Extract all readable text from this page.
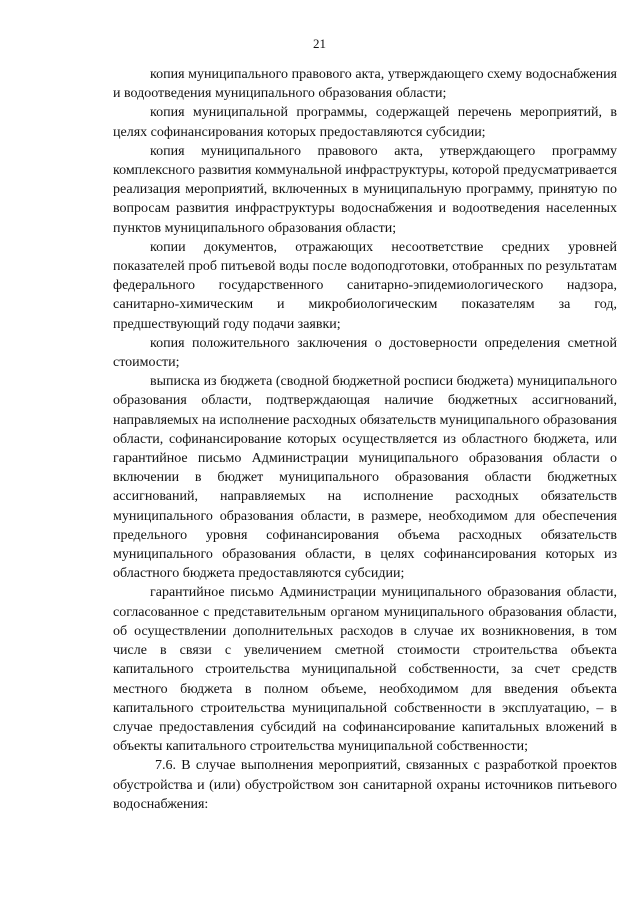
21

копия муниципального правового акта, утверждающего схему водоснабжения и водоотведения муниципального образования области;

копия муниципальной программы, содержащей перечень мероприятий, в целях софинансирования которых предоставляются субсидии;

копия муниципального правового акта, утверждающего программу комплексного развития коммунальной инфраструктуры, которой предусматривается реализация мероприятий, включенных в муниципальную программу, принятую по вопросам развития инфраструктуры водоснабжения и водоотведения населенных пунктов муниципального образования области;

копии документов, отражающих несоответствие средних уровней показателей проб питьевой воды после водоподготовки, отобранных по результатам федерального государственного санитарно-эпидемиологического надзора, санитарно-химическим и микробиологическим показателям за год, предшествующий году подачи заявки;

копия положительного заключения о достоверности определения сметной стоимости;

выписка из бюджета (сводной бюджетной росписи бюджета) муниципального образования области, подтверждающая наличие бюджетных ассигнований, направляемых на исполнение расходных обязательств муниципального образования области, софинансирование которых осуществляется из областного бюджета, или гарантийное письмо Администрации муниципального образования области о включении в бюджет муниципального образования области бюджетных ассигнований, направляемых на исполнение расходных обязательств муниципального образования области, в размере, необходимом для обеспечения предельного уровня софинансирования объема расходных обязательств муниципального образования области, в целях софинансирования которых из областного бюджета предоставляются субсидии;

гарантийное письмо Администрации муниципального образования области, согласованное с представительным органом муниципального образования области, об осуществлении дополнительных расходов в случае их возникновения, в том числе в связи с увеличением сметной стоимости строительства объекта капитального строительства муниципальной собственности, за счет средств местного бюджета в полном объеме, необходимом для введения объекта капитального строительства муниципальной собственности в эксплуатацию, – в случае предоставления субсидий на софинансирование капитальных вложений в объекты капитального строительства муниципальной собственности;

7.6. В случае выполнения мероприятий, связанных с разработкой проектов обустройства и (или) обустройством зон санитарной охраны источников питьевого водоснабжения:
